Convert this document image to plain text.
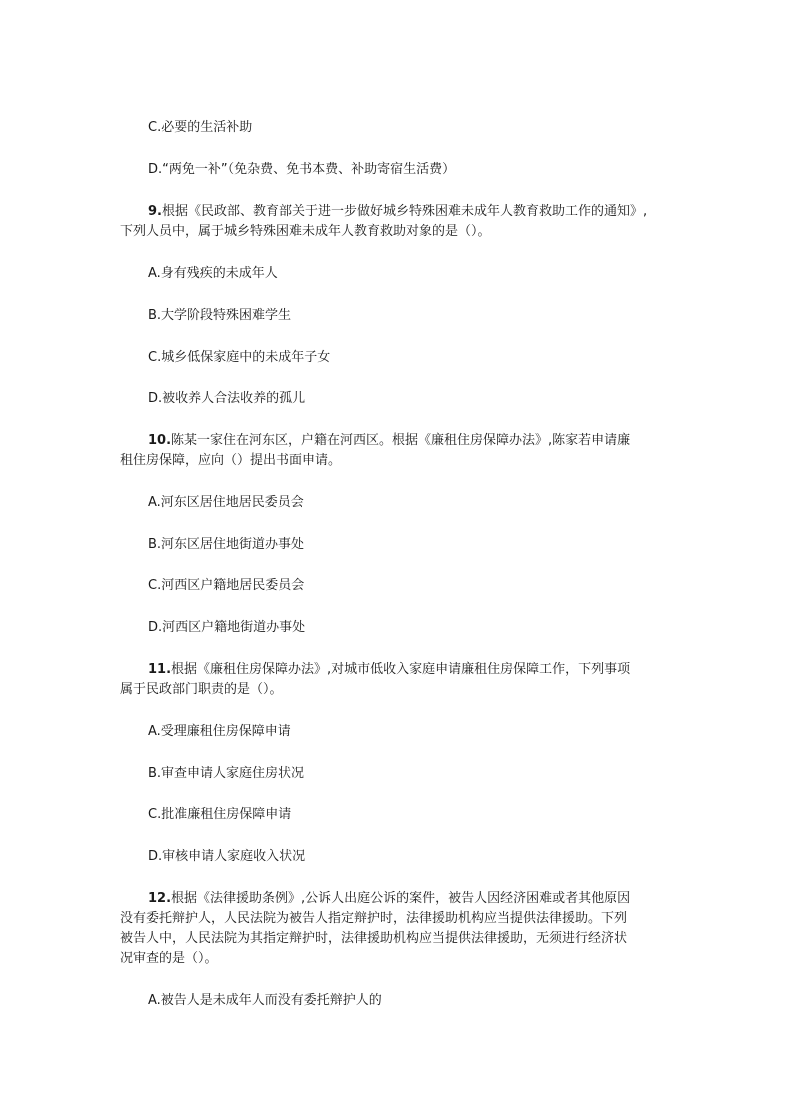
C.必要的生活补助
D.“两免一补”（免杂费、免书本费、补助寄宿生活费）
9.根据《民政部、教育部关于进一步做好城乡特殊困难未成年人教育救助工作的通知》,
下列人员中，属于城乡特殊困难未成年人教育救助对象的是（）。
A.身有残疾的未成年人
B.大学阶段特殊困难学生
C.城乡低保家庭中的未成年子女
D.被收养人合法收养的孤儿
10.陈某一家住在河东区，户籍在河西区。根据《廉租住房保障办法》,陈家若申请廉
租住房保障，应向（）提出书面申请。
A.河东区居住地居民委员会
B.河东区居住地街道办事处
C.河西区户籍地居民委员会
D.河西区户籍地街道办事处
11.根据《廉租住房保障办法》,对城市低收入家庭申请廉租住房保障工作，下列事项
属于民政部门职责的是（）。
A.受理廉租住房保障申请
B.审查申请人家庭住房状况
C.批准廉租住房保障申请
D.审核申请人家庭收入状况
12.根据《法律援助条例》,公诉人出庭公诉的案件，被告人因经济困难或者其他原因
没有委托辩护人，人民法院为被告人指定辩护时，法律援助机构应当提供法律援助。下列
被告人中，人民法院为其指定辩护时，法律援助机构应当提供法律援助，无须进行经济状
况审查的是（）。
A.被告人是未成年人而没有委托辩护人的
